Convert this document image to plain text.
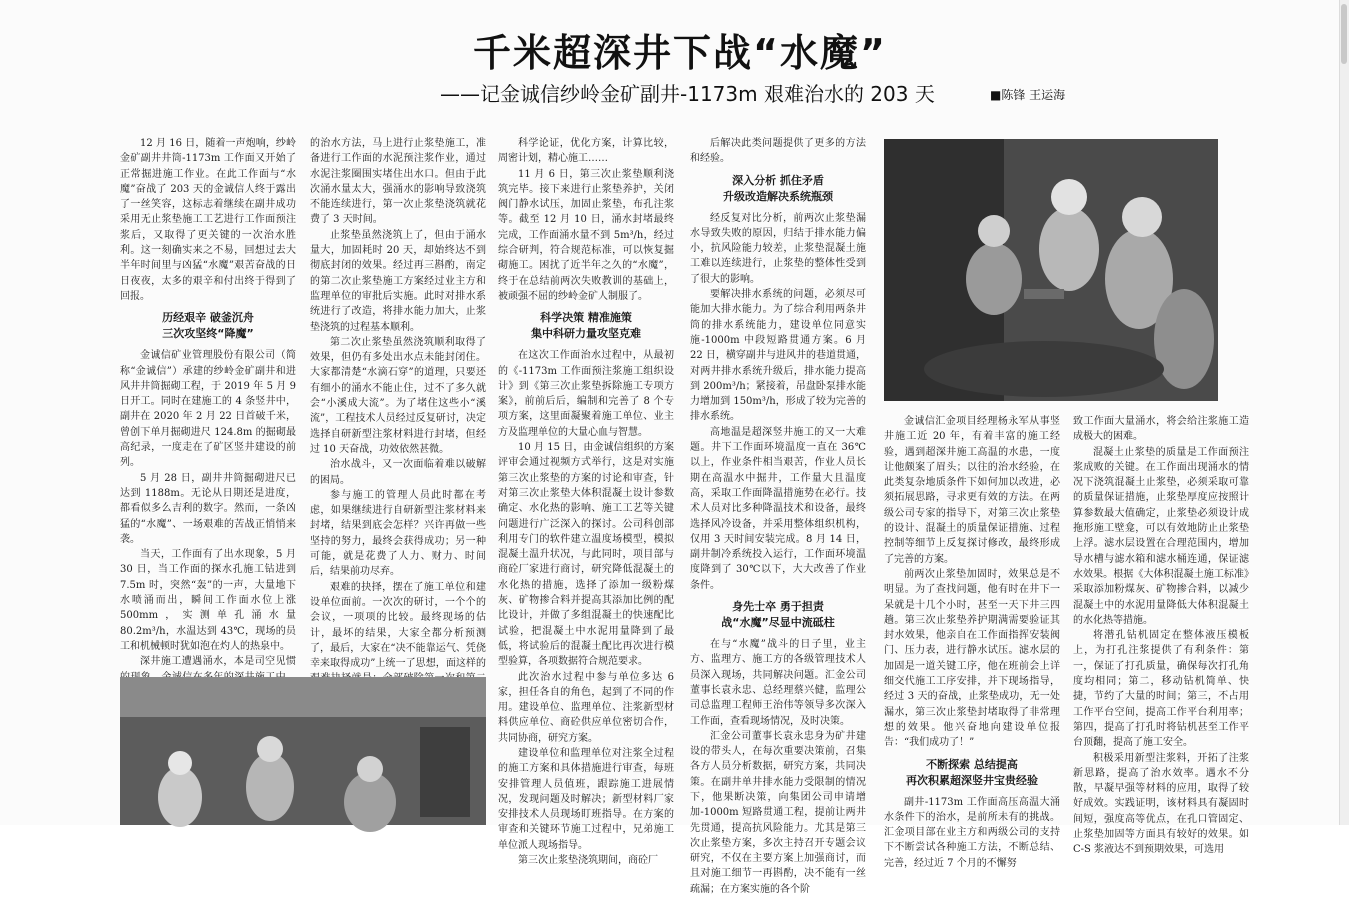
千米超深井下战“水魔”
——记金诚信纱岭金矿副井-1173m 艰难治水的 203 天	■陈锋 王运海

12 月 16 日，随着一声炮响，纱岭金矿副井井筒-1173m 工作面又开始了正常掘进施工作业。在此工作面与“水魔”奋战了 203 天的金诚信人终于露出了一丝笑容，这标志着继续在副井成功采用无止浆垫施工工艺进行工作面预注浆后，又取得了更关键的一次治水胜利。这一刻确实来之不易，回想过去大半年时间里与凶猛“水魔”艰苦奋战的日日夜夜，太多的艰辛和付出终于得到了回报。

历经艰辛 破釜沉舟
三次攻坚终“降魔”

金诚信矿业管理股份有限公司（简称“金诚信”）承建的纱岭金矿副井和进风井井筒掘砌工程，于 2019 年 5 月 9 日开工。同时在建施工的 4 条竖井中，副井在 2020 年 2 月 22 日首破千米，曾创下单月掘砌进尺 124.8m 的掘砌最高纪录，一度走在了矿区竖井建设的前列。

5 月 28 日，副井井筒掘砌进尺已达到 1188m。无论从日期还是进度，都看似多么吉利的数字。然而，一条凶猛的“水魔”、一场艰难的苦战正悄悄来袭。

当天，工作面有了出水现象，5 月 30 日，当工作面的探水孔施工钻进到 7.5m 时，突然“轰”的一声，大量地下水喷涌而出，瞬间工作面水位上涨 500mm，实测单孔涌水量 80.2m³/h，水温达到 43℃，现场的员工和机械顿时犹如泡在灼人的热泉中。

深井施工遭遇涌水，本是司空见惯

的治水方法，马上进行止浆垫施工，准备进行工作面的水泥预注浆作业，通过水泥注浆圈围实堵住出水口。但由于此次涌水量太大，强涌水的影响导致浇筑不能连续进行，第一次止浆垫浇筑就花费了 3 天时间。

止浆垫虽然浇筑上了，但由于涌水量大，加固耗时 20 天，却始终达不到彻底封闭的效果。经过再三斟酌，南定的第二次止浆垫施工方案经过业主方和监理单位的审批后实施。此时对排水系统进行了改造，将排水能力加大，止浆垫浇筑的过程基本顺利。

第二次止浆垫虽然浇筑顺利取得了效果，但仍有多处出水点未能封闭住。大家都清楚“水滴石穿”的道理，只要还有细小的涌水不能止住，过不了多久就会“小溪成大流”。为了堵住这些小“溪流”，工程技术人员经过反复研讨，决定选择自研新型注浆材料进行封堵，但经过 10 天奋战，功效依然甚微。

治水战斗，又一次面临着难以破解的困局。

参与施工的管理人员此时都在考虑，如果继续进行自研新型注浆材料来封堵，结果到底会怎样？兴许再做一些坚持的努力，最终会获得成功；另一种可能，就是花费了人力、财力、时间后，结果前功尽弃。

艰难的抉择，摆在了施工单位和建设单位面前。一次次的研讨，一个个的会议，一项项的比较。最终现场的估计，最坏的结果，大家全都分析预测了，最后，大家在“决不能靠运气、凭侥幸来取得成功”上统一了思想，面这样的

科学论证，优化方案，计算比较，周密计划，精心施工……

11 月 6 日，第三次止浆垫顺利浇筑完毕。接下来进行止浆垫养护，关闭阀门静水试压，加固止浆垫，布孔注浆等。截至 12 月 10 日，涌水封堵最终完成，工作面涌水量不到 5m³/h，经过综合研判，符合规范标准，可以恢复掘砌施工。困扰了近半年之久的“水魔”，终于在总结前两次失败教训的基础上，被顽强不屈的纱岭金矿人制服了。

科学决策 精准施策
集中科研力量攻坚克难

在这次工作面治水过程中，从最初的《-1173m 工作面预注浆施工组织设计》到《第三次止浆垫拆除施工专项方案》，前前后后，编制和完善了 8 个专项方案，这里面凝聚着施工单位、业主方及监理单位的大量心血与智慧。

10 月 15 日，由金诚信组织的方案评审会通过视频方式举行，这是对实施第三次止浆垫的方案的讨论和审查，针对第三次止浆垫大体积混凝土设计参数确定、水化热的影响、施工工艺等关键问题进行广泛深入的探讨。公司科创部利用专门的软件建立温度场模型，模拟混凝土温升状况，与此同时，项目部与商砼厂家进行商讨，研究降低混凝土的水化热的措施，选择了添加一级粉煤灰、矿物掺合料并提高其添加比例的配比设计，并做了多组混凝土的快速配比试验，把混凝土中水泥用量降到了最低，将试验后的混凝土配比再次进行模型验算，各项数据符合规范要求。

此次治水过程中参与单位多达 6 家，担任各自的角色，起到了不同的作用。建设单位、监理单位、注浆新型材料供应单位、商砼供应单位密切合作，共同协商，研究方案。

建设单位和监理单位对注浆全过程的施工方案和具体措施进行审查，每班安排管理人员值班，跟踪施工进展情况，发现问题及时解决；新型材料厂家安排技术人员现场盯班指导。在方案的审查和关键环节施工过程中，兄弟施工单位派人现场指导。

第三次止浆垫浇筑期间，商砼厂

后解决此类问题提供了更多的方法和经验。

深入分析 抓住矛盾
升级改造解决系统瓶颈

经反复对比分析，前两次止浆垫漏水导致失败的原因，归结于排水能力偏小，抗风险能力较差，止浆垫混凝土施工难以连续进行，止浆垫的整体性受到了很大的影响。

要解决排水系统的问题，必须尽可能加大排水能力。为了综合利用两条井筒的排水系统能力，建设单位同意实施-1000m 中段短路贯通方案。6 月 22 日，横穿副井与进风井的巷道贯通，对两井排水系统升级后，排水能力提高到 200m³/h；紧接着，吊盘卧泵排水能力增加到 150m³/h，形成了较为完善的排水系统。

高地温是超深竖井施工的又一大难题。井下工作面环境温度一直在 36℃以上，作业条件相当艰苦，作业人员长期在高温水中掘井，工作量大且温度高，采取工作面降温措施势在必行。技术人员对比多种降温技术和设备，最终选择风冷设备，并采用整体组织机构，仅用 3 天时间安装完成。8 月 14 日，副井制冷系统投入运行，工作面环境温度降到了 30℃以下，大大改善了作业条件。

身先士卒 勇于担责
战“水魔”尽显中流砥柱

在与“水魔”战斗的日子里，业主方、监理方、施工方的各级管理技术人员深入现场，共同解决问题。汇金公司董事长袁永忠、总经理蔡兴健，监理公司总监理工程师王治伟等领导多次深入工作面，查看现场情况，及时决策。

汇金公司董事长袁永忠身为矿井建设的带头人，在每次重要决策前，召集各方人员分析数据，研究方案，共同决策。在副井单井排水能力受限制的情况下，他果断决策，向集团公司申请增加-1000m 短路贯通工程，提前让两井先贯通，提高抗风险能力。尤其是第三次止浆垫方案，多次主持召开专题会议研究，不仅在主要方案上加强商讨，而且对施工细节一再斟酌，决不能有一丝疏漏；在方案实施的各个阶

金诚信汇金项目经理杨永军从事竖井施工近 20 年，有着丰富的施工经验，遇到超深井施工高温的水患，一度让他颇案了眉头；以往的治水经验，在此类复杂地质条件下如何加以改进，必须拓展思路，寻求更有效的方法。在两级公司专家的指导下，对第三次止浆垫的设计、混凝土的质量保证措施、过程控制等细节上反复探讨修改，最终形成了完善的方案。

前两次止浆垫加固时，效果总是不明显。为了查找问题，他有时在井下一呆就是十几个小时，甚至一天下井三四趟。第三次止浆垫养护期满需要验证其封水效果，他亲自在工作面指挥安装阀门、压力表，进行静水试压。滤水层的加固是一道关键工序，他在班前会上详细交代施工工序安排，并下现场指导，经过 3 天的奋战，止浆垫成功，无一处漏水，第三次止浆垫封堵取得了非常理想的效果。他兴奋地向建设单位报告：“我们成功了！”

不断探索 总结提高
再次积累超深竖井宝贵经验

副井-1173m 工作面高压高温大涌水条件下的治水，是前所未有的挑战。汇金项目部在业主方和两级公司的支持下不断尝试各种施工方法，不断总结、完善，经过近 7 个月的不懈努

致工作面大量涌水，将会给注浆施工造成极大的困难。

混凝土止浆垫的质量是工作面预注浆成败的关键。在工作面出现涌水的情况下浇筑混凝土止浆垫，必须采取可靠的质量保证措施，止浆垫厚度应按照计算参数最大值确定，止浆垫必须设计成拖形施工壁龛，可以有效地防止止浆垫上浮。滤水层设置在合理范围内，增加导水槽与滤水箱和滤水桶连通，保证滤水效果。根据《大体积混凝土施工标准》采取添加粉煤灰、矿物掺合料，以减少混凝土中的水泥用量降低大体积混凝土的水化热等措施。

将潜孔钻机固定在整体液压模板上，为打孔注浆提供了有利条件：第一，保证了打孔质量，确保每次打孔角度均相同；第二，移动钻机简单、快捷，节约了大量的时间；第三，不占用工作平台空间，提高工作平台利用率；第四，提高了打孔时将钻机甚至工作平台顶翻，提高了施工安全。

积极采用新型注浆料，开拓了注浆新思路，提高了治水效率。遇水不分散，早凝早强等材料的应用，取得了较好成效。实践证明，该材料具有凝固时间短，强度高等优点，在孔口管固定、止浆垫加固等方面具有较好的效果。如 C-S 浆液达不到预期效果，可选用
